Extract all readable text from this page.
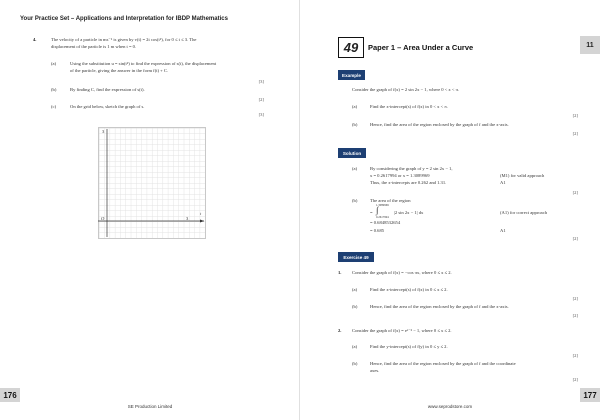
Your Practice Set – Applications and Interpretation for IBDP Mathematics
4.	The velocity of a particle in ms⁻¹ is given by v(t) = 2t cos(t²), for 0 ≤ t ≤ 3. The
displacement of the particle is 1 m when t = 0.
(a)	Using the substitution u = sin(t²) to find the expression of s(t), the displacement
of the particle, giving the answer in the form f(t) + C.
[3]
(b)	By finding C, find the expression of s(t).
[2]
(c)	On the grid below, sketch the graph of s.
[3]
3
O	3
t
176
SE Production Limited
49	Paper 1 – Area Under a Curve	11
Example
Consider the graph of f(x) = 2 sin 2x − 1, where 0 < x < π.
(a)	Find the x-intercept(s) of f(x) in 0 < x < π.
[2]
(b)	Hence, find the area of the region enclosed by the graph of f and the x-axis.
[2]
Solution
(a)	By considering the graph of y = 2 sin 2x − 1,
x = 0.2617994 or x = 1.3089969
Thus, the x-intercepts are 0.262 and 1.31.
(M1) for valid approach
A1
[2]
(b)	The area of the region
1.3089969
= ∫
0.2617994
|2 sin 2x − 1| dx
= 0.6848532654
= 0.685
(A1) for correct approach
A1
[2]
Exercise 49
1. Consider the graph of f(x) = −cos πx, where 0 ≤ x ≤ 2.
(a)	Find the x-intercept(s) of f(x) in 0 ≤ x ≤ 2.
[2]
(b)	Hence, find the area of the region enclosed by the graph of f and the x-axis.
[2]
2. Consider the graph of f(x) = eˣ⁻² − 1, where 0 ≤ x ≤ 2.
(a)	Find the y-intercept(s) of f(y) in 0 ≤ y ≤ 2.
[2]
(b)	Hence, find the area of the region enclosed by the graph of f and the coordinate
axes.
[2]
177
www.seprodstore.com
